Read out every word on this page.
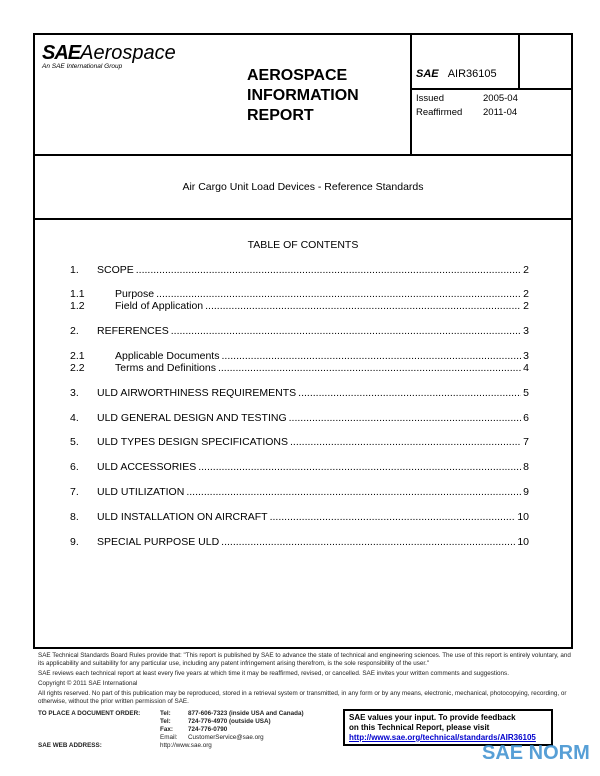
SAEAerospace
An SAE International Group
AEROSPACE
INFORMATION
REPORT
SAE AIR36105
Issued	2005-04
Reaffirmed 2011-04
Air Cargo Unit Load Devices - Reference Standards
TABLE OF CONTENTS
1.	SCOPE .....	2
1.1	Purpose .....	2
1.2	Field of Application .....	2
2.	REFERENCES .....	3
2.1	Applicable Documents .....	3
2.2	Terms and Definitions .....	4
3.	ULD AIRWORTHINESS REQUIREMENTS .....	5
4.	ULD GENERAL DESIGN AND TESTING .....	6
5.	ULD TYPES DESIGN SPECIFICATIONS .....	7
6.	ULD ACCESSORIES .....	8
7.	ULD UTILIZATION .....	9
8.	ULD INSTALLATION ON AIRCRAFT .....	10
9.	SPECIAL PURPOSE ULD .....	10
SAE Technical Standards Board Rules provide that: "This report is published by SAE to advance the state of technical and engineering sciences. The use of this report is entirely voluntary, and its applicability and suitability for any particular use, including any patent infringement arising therefrom, is the sole responsibility of the user."
SAE reviews each technical report at least every five years at which time it may be reaffirmed, revised, or cancelled. SAE invites your written comments and suggestions.
Copyright © 2011 SAE International
All rights reserved. No part of this publication may be reproduced, stored in a retrieval system or transmitted, in any form or by any means, electronic, mechanical, photocopying, recording, or otherwise, without the prior written permission of SAE.
TO PLACE A DOCUMENT ORDER:	Tel:	877-606-7323 (inside USA and Canada)
Tel:	724-776-4970 (outside USA)
Fax: 724-776-0790
Email: CustomerService@sae.org
http://www.sae.org
SAE WEB ADDRESS:
SAE values your input. To provide feedback
on this Technical Report, please visit
http://www.sae.org/technical/standards/AIR36105
SAE NORM
